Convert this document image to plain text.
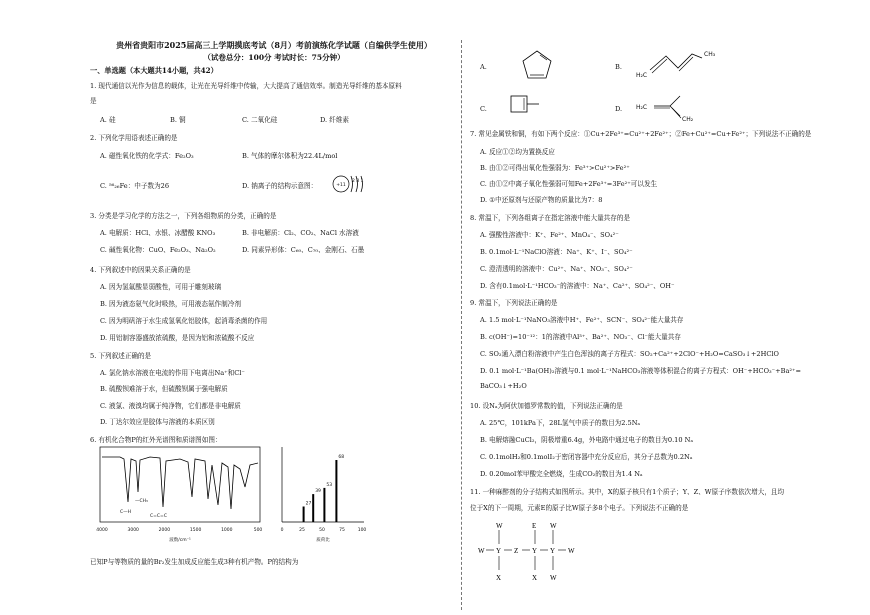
贵州省贵阳市2025届高三上学期摸底考试（8月）考前演练化学试题（自编供学生使用）
（试卷总分：100分 考试时长：75分钟）
一、单选题（本大题共14小题，共42）
1. 现代通信以光作为信息的载体，让光在光导纤维中传输，大大提高了通信效率。制造光导纤维的基本原料
是
A. 硅	B. 铜	C. 二氧化硅	D. 纤维素
2. 下列化学用语表述正确的是
A. 磁性氧化铁的化学式：Fe₂O₃	B. 气体的摩尔体积为22.4L/mol
C. ⁵⁶₂₆Fe：中子数为26	D. 钠离子的结构示意图：	+11
2 8 1
3. 分类是学习化学的方法之一，下列各组物质的分类，正确的是
A. 电解质：HCl、水银、冰醋酸 KNO₃	B. 非电解质：Cl₂、CO₂、NaCl 水溶液
C. 碱性氧化物：CuO、Fe₂O₃、Na₂O₂	D. 同素异形体：C₆₀、C₇₀、金刚石、石墨
4. 下列叙述中的因果关系正确的是
A. 因为氢氟酸显弱酸性，可用于雕刻玻璃
B. 因为液态氨气化时吸热，可用液态氨作制冷剂
C. 因为明矾溶于水生成氢氧化铝胶体，起消毒杀菌的作用
D. 用铝制容器盛放浓硫酸，是因为铝和浓硫酸不反应
5. 下列叙述正确的是
A. 氯化钠水溶液在电流的作用下电离出Na⁺和Cl⁻
B. 硫酸钡难溶于水，但硫酸钡属于强电解质
C. 液氯、液溴均属于纯净物，它们都是非电解质
D. 丁达尔效应是胶体与溶液的本质区别
6. 有机化合物P的红外光谱图和质谱图如图：
C—H
C=C=C
—CH₃
4000	3000	2000	1500	1000	500
波数/cm⁻¹
27
39
53
68
0	25	50	75	100
质荷比
已知P与等物质的量的Br₂发生加成反应能生成3种有机产物。P的结构为
A.	B.
H₂C
CH₃
C.	D. H₂C
CH₂
7. 常见金属铁和铜，有如下两个反应：①Cu+2Fe³⁺=Cu²⁺+2Fe²⁺；②Fe+Cu²⁺=Cu+Fe²⁺；下列说法不正确的是
A. 反应①②均为置换反应
B. 由①②可得出氧化性强弱为：Fe³⁺>Cu²⁺>Fe²⁺
C. 由①②中离子氧化性强弱可知Fe+2Fe³⁺=3Fe²⁺可以发生
D. ①中还原剂与还原产物的质量比为7：8
8. 常温下，下列各组离子在指定溶液中能大量共存的是
A. 强酸性溶液中：K⁺、Fe²⁺、MnO₄⁻、SO₄²⁻
B. 0.1mol·L⁻¹NaClO溶液：Na⁺、K⁺、I⁻、SO₄²⁻
C. 澄清透明的溶液中：Cu²⁺、Na⁺、NO₃⁻、SO₄²⁻
D. 含有0.1mol·L⁻¹HCO₃⁻的溶液中：Na⁺、Ca²⁺、SO₄²⁻、OH⁻
9. 常温下，下列说法正确的是
A. 1.5 mol·L⁻¹NaNO₃溶液中H⁺、Fe²⁺、SCN⁻、SO₄²⁻能大量共存
B. c(OH⁻)=10⁻¹²：1的溶液中Al³⁺、Ba²⁺、NO₃⁻、Cl⁻能大量共存
C. SO₂通入漂白粉溶液中产生白色浑浊的离子方程式：SO₂+Ca²⁺+2ClO⁻+H₂O=CaSO₃↓+2HClO
D. 0.1 mol·L⁻¹Ba(OH)₂溶液与0.1 mol·L⁻¹NaHCO₃溶液等体积混合的离子方程式：OH⁻+HCO₃⁻+Ba²⁺=
BaCO₃↓+H₂O
10. 设Nₐ为阿伏加德罗常数的值，下列说法正确的是
A. 25℃，101kPa下，28L氢气中质子的数目为2.5Nₐ
B. 电解熔融CuCl₂，阴极增重6.4g，外电路中通过电子的数目为0.10 Nₐ
C. 0.1molH₂和0.1molI₂于密闭容器中充分反应后，其分子总数为0.2Nₐ
D. 0.20mol苯甲酸完全燃烧，生成CO₂的数目为1.4 Nₐ
11. 一种麻醉剂的分子结构式如图所示。其中，X的原子核只有1个质子；Y、Z、W原子序数依次增大，且均
位于X的下一周期，元素E的原子比W原子多8个电子。下列说法不正确的是
W Y Z Y Y W
W	E W
X	X W
